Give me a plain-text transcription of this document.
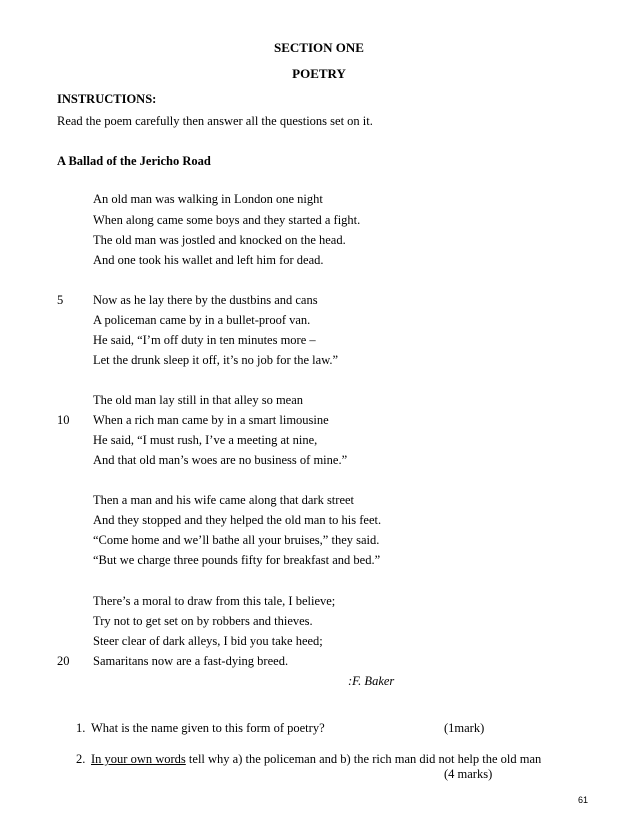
SECTION ONE
POETRY
INSTRUCTIONS:
Read the poem carefully then answer all the questions set on it.
A Ballad of the Jericho Road
An old man was walking in London one night
When along came some boys and they started a fight.
The old man was jostled and knocked on the head.
And one took his wallet and left him for dead.
5 Now as he lay there by the dustbins and cans
A policeman came by in a bullet-proof van.
He said, “I’m off duty in ten minutes more –
Let the drunk sleep it off, it’s no job for the law.”
The old man lay still in that alley so mean
10 When a rich man came by in a smart limousine
He said, “I must rush, I’ve a meeting at nine,
And that old man’s woes are no business of mine.”
Then a man and his wife came along that dark street
And they stopped and they helped the old man to his feet.
“Come home and we’ll bathe all your bruises,” they said.
“But we charge three pounds fifty for breakfast and bed.”
There’s a moral to draw from this tale, I believe;
Try not to get set on by robbers and thieves.
Steer clear of dark alleys, I bid you take heed;
20 Samaritans now are a fast-dying breed.
:F. Baker
1. What is the name given to this form of poetry?	(1mark)
2. In your own words tell why a) the policeman and b) the rich man did not help the old man
(4 marks)
61
